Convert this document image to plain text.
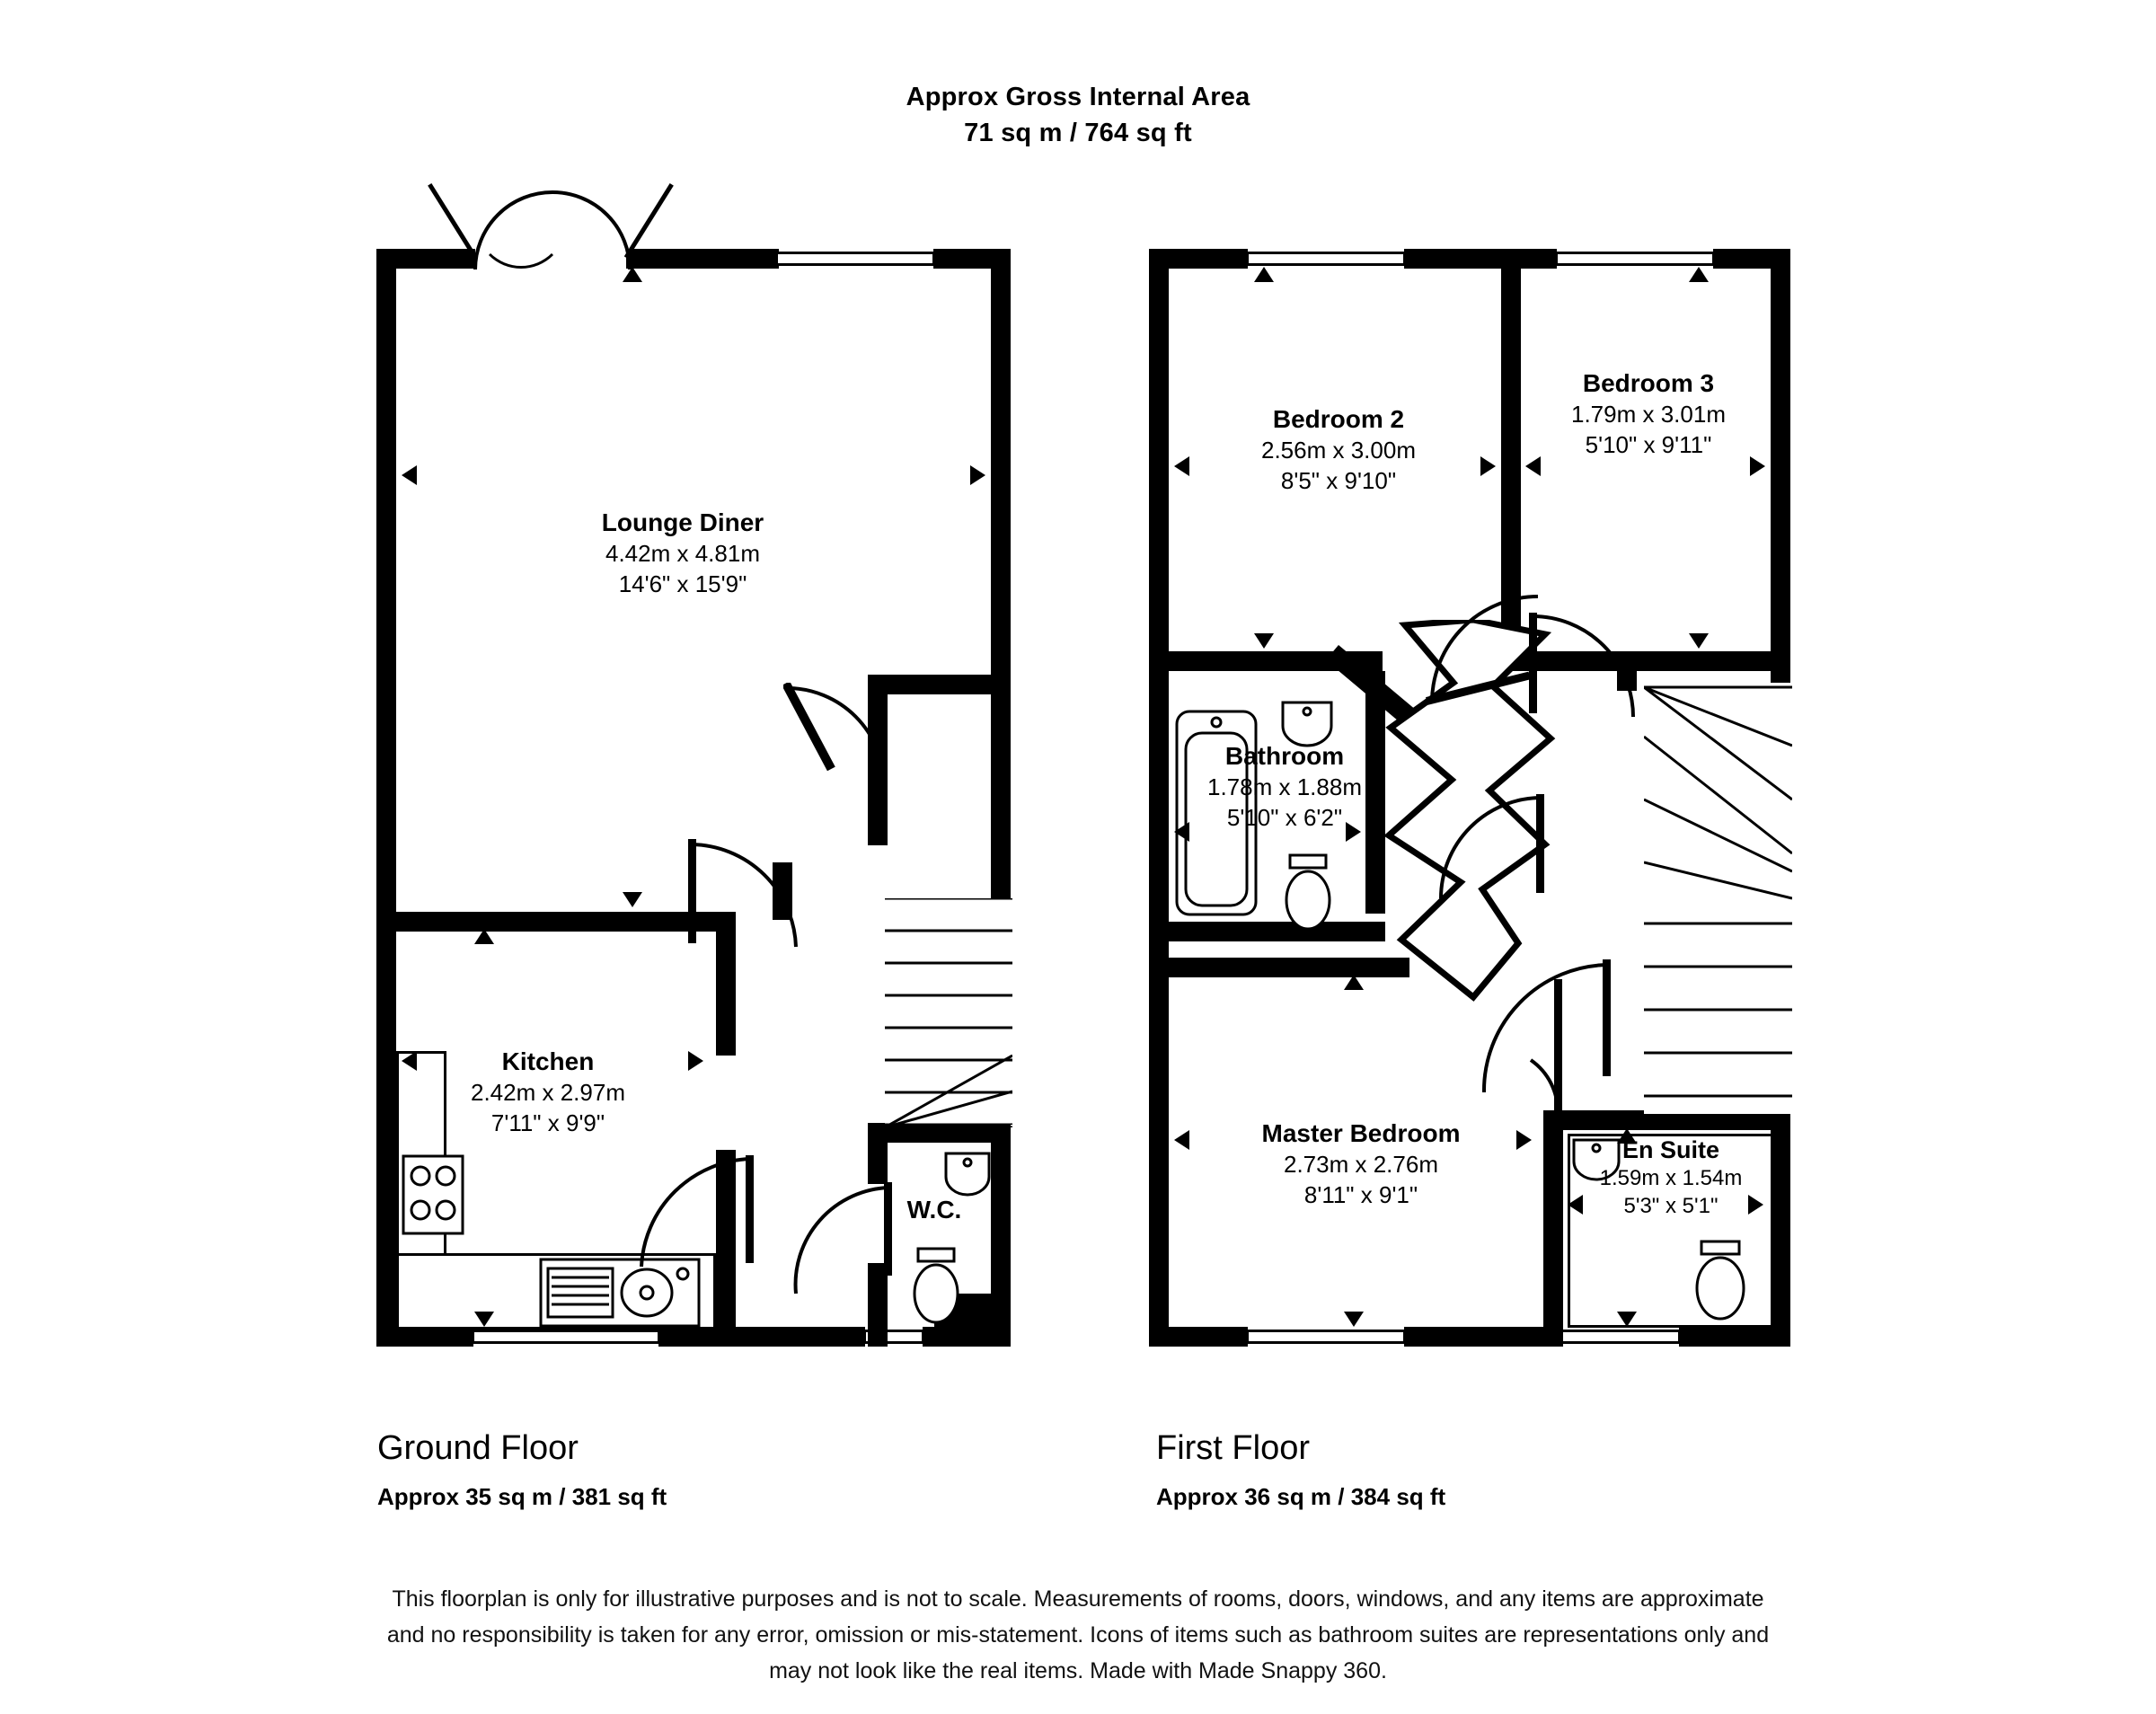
Approx Gross Internal Area
71 sq m / 764 sq ft
Lounge Diner
4.42m x 4.81m
14'6" x 15'9"
Kitchen
2.42m x 2.97m
7'11" x 9'9"
W.C.
Ground Floor
Approx 35 sq m / 381 sq ft
Bedroom 2
2.56m x 3.00m
8'5" x 9'10"
Bedroom 3
1.79m x 3.01m
5'10" x 9'11"
Bathroom
1.78m x 1.88m
5'10" x 6'2"
Master Bedroom
2.73m x 2.76m
8'11" x 9'1"
En Suite
1.59m x 1.54m
5'3" x 5'1"
First Floor
Approx 36 sq m / 384 sq ft
This floorplan is only for illustrative purposes and is not to scale. Measurements of rooms, doors, windows, and any items are approximate
and no responsibility is taken for any error, omission or mis-statement. Icons of items such as bathroom suites are representations only and
may not look like the real items. Made with Made Snappy 360.
